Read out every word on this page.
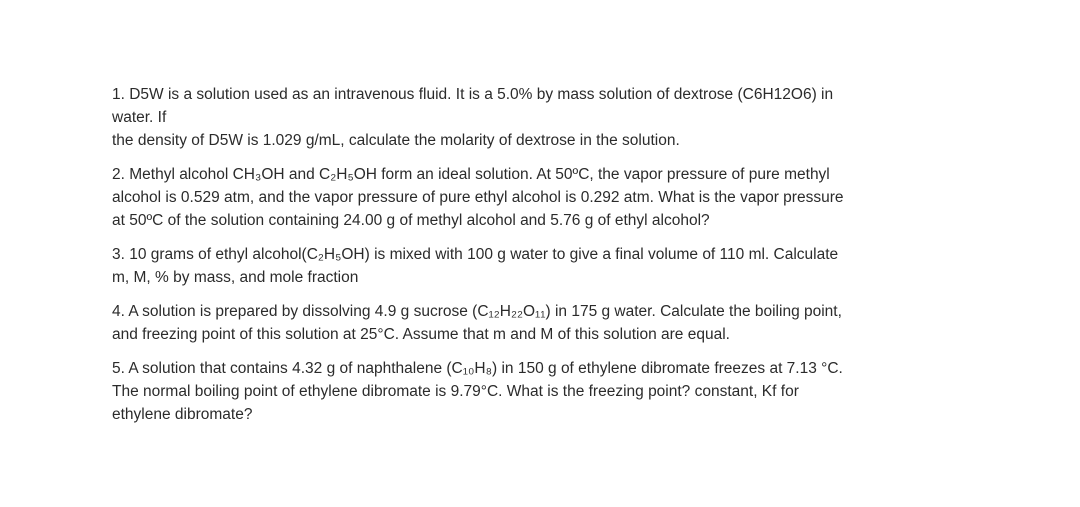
1. D5W is a solution used as an intravenous fluid. It is a 5.0% by mass solution of dextrose (C6H12O6) in
water. If
the density of D5W is 1.029 g/mL, calculate the molarity of dextrose in the solution.
2. Methyl alcohol CH₃OH and C₂H₅OH form an ideal solution. At 50ºC, the vapor pressure of pure methyl
alcohol is 0.529 atm, and the vapor pressure of pure ethyl alcohol is 0.292 atm. What is the vapor pressure
at 50ºC of the solution containing 24.00 g of methyl alcohol and 5.76 g of ethyl alcohol?
3. 10 grams of ethyl alcohol(C₂H₅OH) is mixed with 100 g water to give a final volume of 110 ml. Calculate
m, M, % by mass, and mole fraction
4. A solution is prepared by dissolving 4.9 g sucrose (C₁₂H₂₂O₁₁) in 175 g water. Calculate the boiling point,
and freezing point of this solution at 25°C. Assume that m and M of this solution are equal.
5. A solution that contains 4.32 g of naphthalene (C₁₀H₈) in 150 g of ethylene dibromate freezes at 7.13 °C.
The normal boiling point of ethylene dibromate is 9.79°C. What is the freezing point? constant, Kf for
ethylene dibromate?
